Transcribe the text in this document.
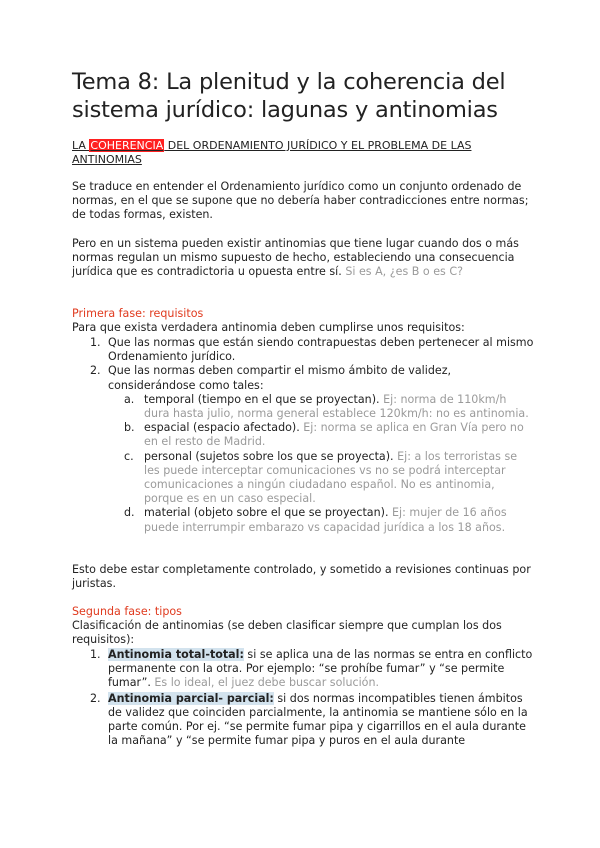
Tema 8: La plenitud y la coherencia del sistema jurídico: lagunas y antinomias
LA COHERENCIA DEL ORDENAMIENTO JURÍDICO Y EL PROBLEMA DE LAS ANTINOMIAS
Se traduce en entender el Ordenamiento jurídico como un conjunto ordenado de normas, en el que se supone que no debería haber contradicciones entre normas; de todas formas, existen.
Pero en un sistema pueden existir antinomias que tiene lugar cuando dos o más normas regulan un mismo supuesto de hecho, estableciendo una consecuencia jurídica que es contradictoria u opuesta entre sí. Si es A, ¿es B o es C?
Primera fase: requisitos
Para que exista verdadera antinomia deben cumplirse unos requisitos:
1. Que las normas que están siendo contrapuestas deben pertenecer al mismo Ordenamiento jurídico.
2. Que las normas deben compartir el mismo ámbito de validez, considerándose como tales:
a. temporal (tiempo en el que se proyectan). Ej: norma de 110km/h dura hasta julio, norma general establece 120km/h: no es antinomia.
b. espacial (espacio afectado). Ej: norma se aplica en Gran Vía pero no en el resto de Madrid.
c. personal (sujetos sobre los que se proyecta). Ej: a los terroristas se les puede interceptar comunicaciones vs no se podrá interceptar comunicaciones a ningún ciudadano español. No es antinomia, porque es en un caso especial.
d. material (objeto sobre el que se proyectan). Ej: mujer de 16 años puede interrumpir embarazo vs capacidad jurídica a los 18 años.
Esto debe estar completamente controlado, y sometido a revisiones continuas por juristas.
Segunda fase: tipos
Clasificación de antinomias (se deben clasificar siempre que cumplan los dos requisitos):
1. Antinomia total-total: si se aplica una de las normas se entra en conflicto permanente con la otra. Por ejemplo: “se prohíbe fumar” y “se permite fumar”. Es lo ideal, el juez debe buscar solución.
2. Antinomia parcial- parcial: si dos normas incompatibles tienen ámbitos de validez que coinciden parcialmente, la antinomia se mantiene sólo en la parte común. Por ej. “se permite fumar pipa y cigarrillos en el aula durante la mañana” y “se permite fumar pipa y puros en el aula durante
